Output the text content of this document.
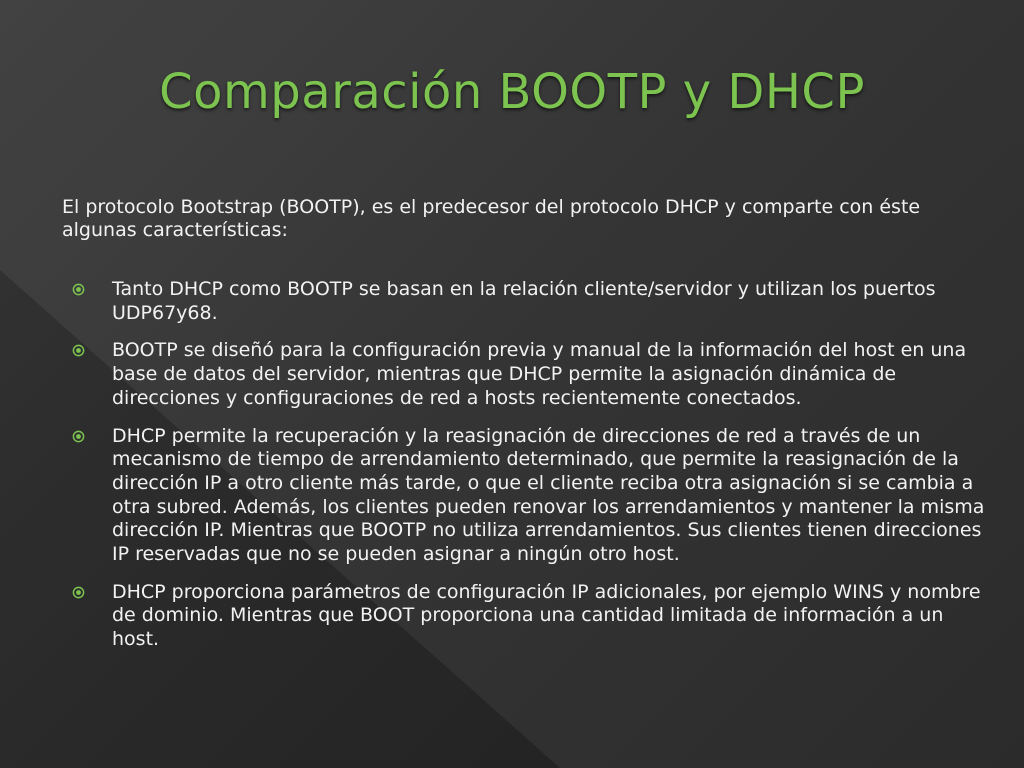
Comparación BOOTP y DHCP

El protocolo Bootstrap (BOOTP), es el predecesor del protocolo DHCP y comparte con éste algunas características:

Tanto DHCP como BOOTP se basan en la relación cliente/servidor y utilizan los puertos UDP67y68.
BOOTP se diseñó para la configuración previa y manual de la información del host en una base de datos del servidor, mientras que DHCP permite la asignación dinámica de direcciones y configuraciones de red a hosts recientemente conectados.
DHCP permite la recuperación y la reasignación de direcciones de red a través de un mecanismo de tiempo de arrendamiento determinado, que permite la reasignación de la dirección IP a otro cliente más tarde, o que el cliente reciba otra asignación si se cambia a otra subred. Además, los clientes pueden renovar los arrendamientos y mantener la misma dirección IP. Mientras que BOOTP no utiliza arrendamientos. Sus clientes tienen direcciones IP reservadas que no se pueden asignar a ningún otro host.
DHCP proporciona parámetros de configuración IP adicionales, por ejemplo WINS y nombre de dominio. Mientras que BOOT proporciona una cantidad limitada de información a un host.
